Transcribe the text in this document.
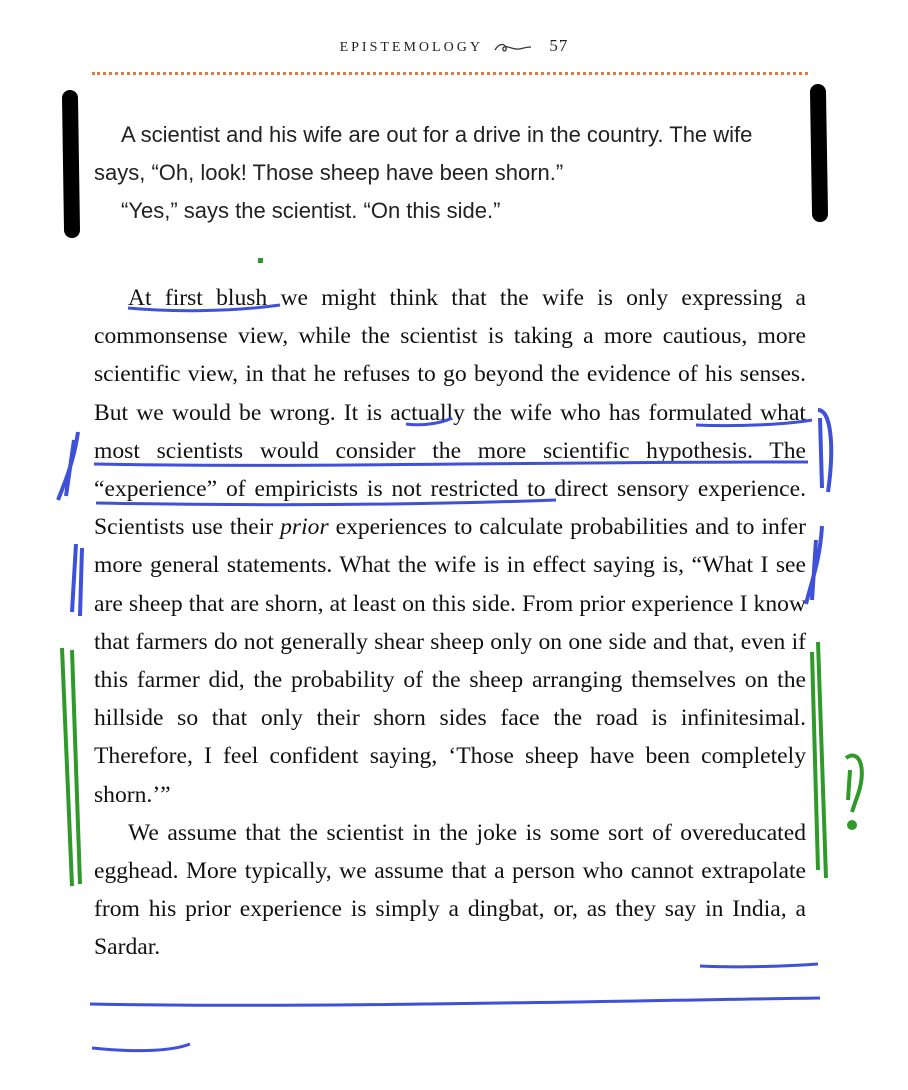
EPISTEMOLOGY	57

A scientist and his wife are out for a drive in the country. The wife says, “Oh, look! Those sheep have been shorn.”

“Yes,” says the scientist. “On this side.”

At first blush we might think that the wife is only expressing a commonsense view, while the scientist is taking a more cautious, more scientific view, in that he refuses to go beyond the evidence of his senses. But we would be wrong. It is actually the wife who has formulated what most scientists would consider the more scientific hypothesis. The “experience” of empiricists is not restricted to direct sensory experience. Scientists use their prior experiences to calculate probabilities and to infer more general statements. What the wife is in effect saying is, “What I see are sheep that are shorn, at least on this side. From prior experience I know that farmers do not generally shear sheep only on one side and that, even if this farmer did, the probability of the sheep arranging themselves on the hillside so that only their shorn sides face the road is infinitesimal. Therefore, I feel confident saying, ‘Those sheep have been completely shorn.’”

We assume that the scientist in the joke is some sort of overeducated egghead. More typically, we assume that a person who cannot extrapolate from his prior experience is simply a dingbat, or, as they say in India, a Sardar.
